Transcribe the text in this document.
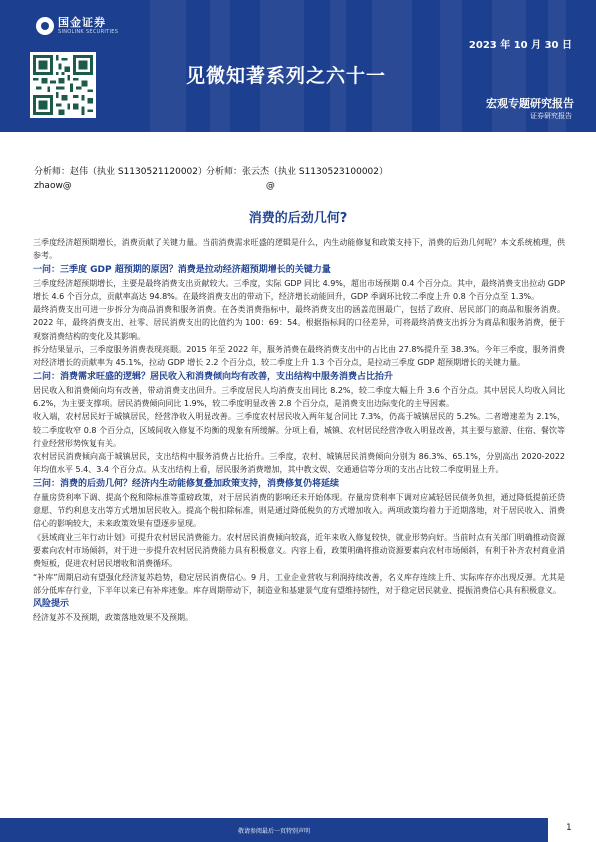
国金证券
SINOLINK SECURITIES
2023 年 10 月 30 日
见微知著系列之六十一
宏观专题研究报告
证券研究报告
分析师：赵伟（执业 S1130521120002）
分析师：张云杰（执业 S1130523100002）
zhaow@	@
消费的后劲几何?

三季度经济超预期增长，消费贡献了关键力量。当前消费需求旺盛的逻辑是什么，内生动能修复和政策支持下，消费的后劲几何呢？本文系统梳理，供参考。

一问：三季度 GDP 超预期的原因？消费是拉动经济超预期增长的关键力量

三季度经济超预期增长，主要是最终消费支出贡献较大。三季度，实际 GDP 同比 4.9%，超出市场预期 0.4 个百分点。其中，最终消费支出拉动 GDP 增长 4.6 个百分点，贡献率高达 94.8%。在最终消费支出的带动下，经济增长动能回升，GDP 季调环比较二季度上升 0.8 个百分点至 1.3%。

最终消费支出可进一步拆分为商品消费和服务消费。在各类消费指标中，最终消费支出的涵盖范围最广，包括了政府、居民部门的商品和服务消费。2022 年，最终消费支出、社零、居民消费支出的比值约为 100：69：54。根据指标间的口径差异，可将最终消费支出拆分为商品和服务消费，便于观察消费结构的变化及其影响。

拆分结果显示，三季度服务消费表现亮眼。2015 年至 2022 年，服务消费在最终消费支出中的占比由 27.8%提升至 38.3%。今年三季度，服务消费对经济增长的贡献率为 45.1%，拉动 GDP 增长 2.2 个百分点，较二季度上升 1.3 个百分点，是拉动三季度 GDP 超预期增长的关键力量。

二问：消费需求旺盛的逻辑？居民收入和消费倾向均有改善，支出结构中服务消费占比抬升

居民收入和消费倾向均有改善，带动消费支出回升。三季度居民人均消费支出同比 8.2%，较二季度大幅上升 3.6 个百分点。其中居民人均收入同比 6.2%，为主要支撑项。居民消费倾向同比 1.9%，较二季度明显改善 2.8 个百分点，是消费支出边际变化的主导因素。

收入端，农村居民好于城镇居民，经营净收入明显改善。三季度农村居民收入两年复合同比 7.3%，仍高于城镇居民的 5.2%。二者增速差为 2.1%，较二季度收窄 0.8 个百分点，区域间收入修复不均衡的现象有所缓解。分项上看，城镇、农村居民经营净收入明显改善，其主要与旅游、住宿、餐饮等行业经营形势恢复有关。

农村居民消费倾向高于城镇居民，支出结构中服务消费占比抬升。三季度，农村、城镇居民消费倾向分别为 86.3%、65.1%，分别高出 2020-2022 年均值水平 5.4、3.4 个百分点。从支出结构上看，居民服务消费增加，其中教文娱、交通通信等分项的支出占比较二季度明显上升。

三问：消费的后劲几何？经济内生动能修复叠加政策支持，消费修复仍将延续

存量房贷利率下调、提高个税和除标准等重磅政策，对于居民消费的影响还未开始体现。存量房贷利率下调对应减轻居民债务负担，通过降低提前还贷意愿、节约利息支出等方式增加居民收入。提高个税扣除标准，则是通过降低税负的方式增加收入。两项政策均着力于近期落地，对于居民收入、消费信心的影响较大，未来政策效果有望逐步显现。

《县域商业三年行动计划》可提升农村居民消费能力。农村居民消费倾向较高，近年来收入修复较快，就业形势向好。当前时点有关部门明确推动资源要素向农村市场倾斜，对于进一步提升农村居民消费能力具有积极意义。内容上看，政策明确将推动资源要素向农村市场倾斜，有利于补齐农村商业消费短板，促进农村居民增收和消费循环。

“补库”周期启动有望强化经济复苏趋势，稳定居民消费信心。9 月，工业企业营收与利润持续改善，名义库存连续上升、实际库存亦出现反弹。尤其是部分低库存行业，下半年以来已有补库迹象。库存周期带动下，制造业和基建景气度有望维持韧性，对于稳定居民就业、提振消费信心具有积极意义。

风险提示

经济复苏不及预期，政策落地效果不及预期。

敬请参阅最后一页特别声明	1
